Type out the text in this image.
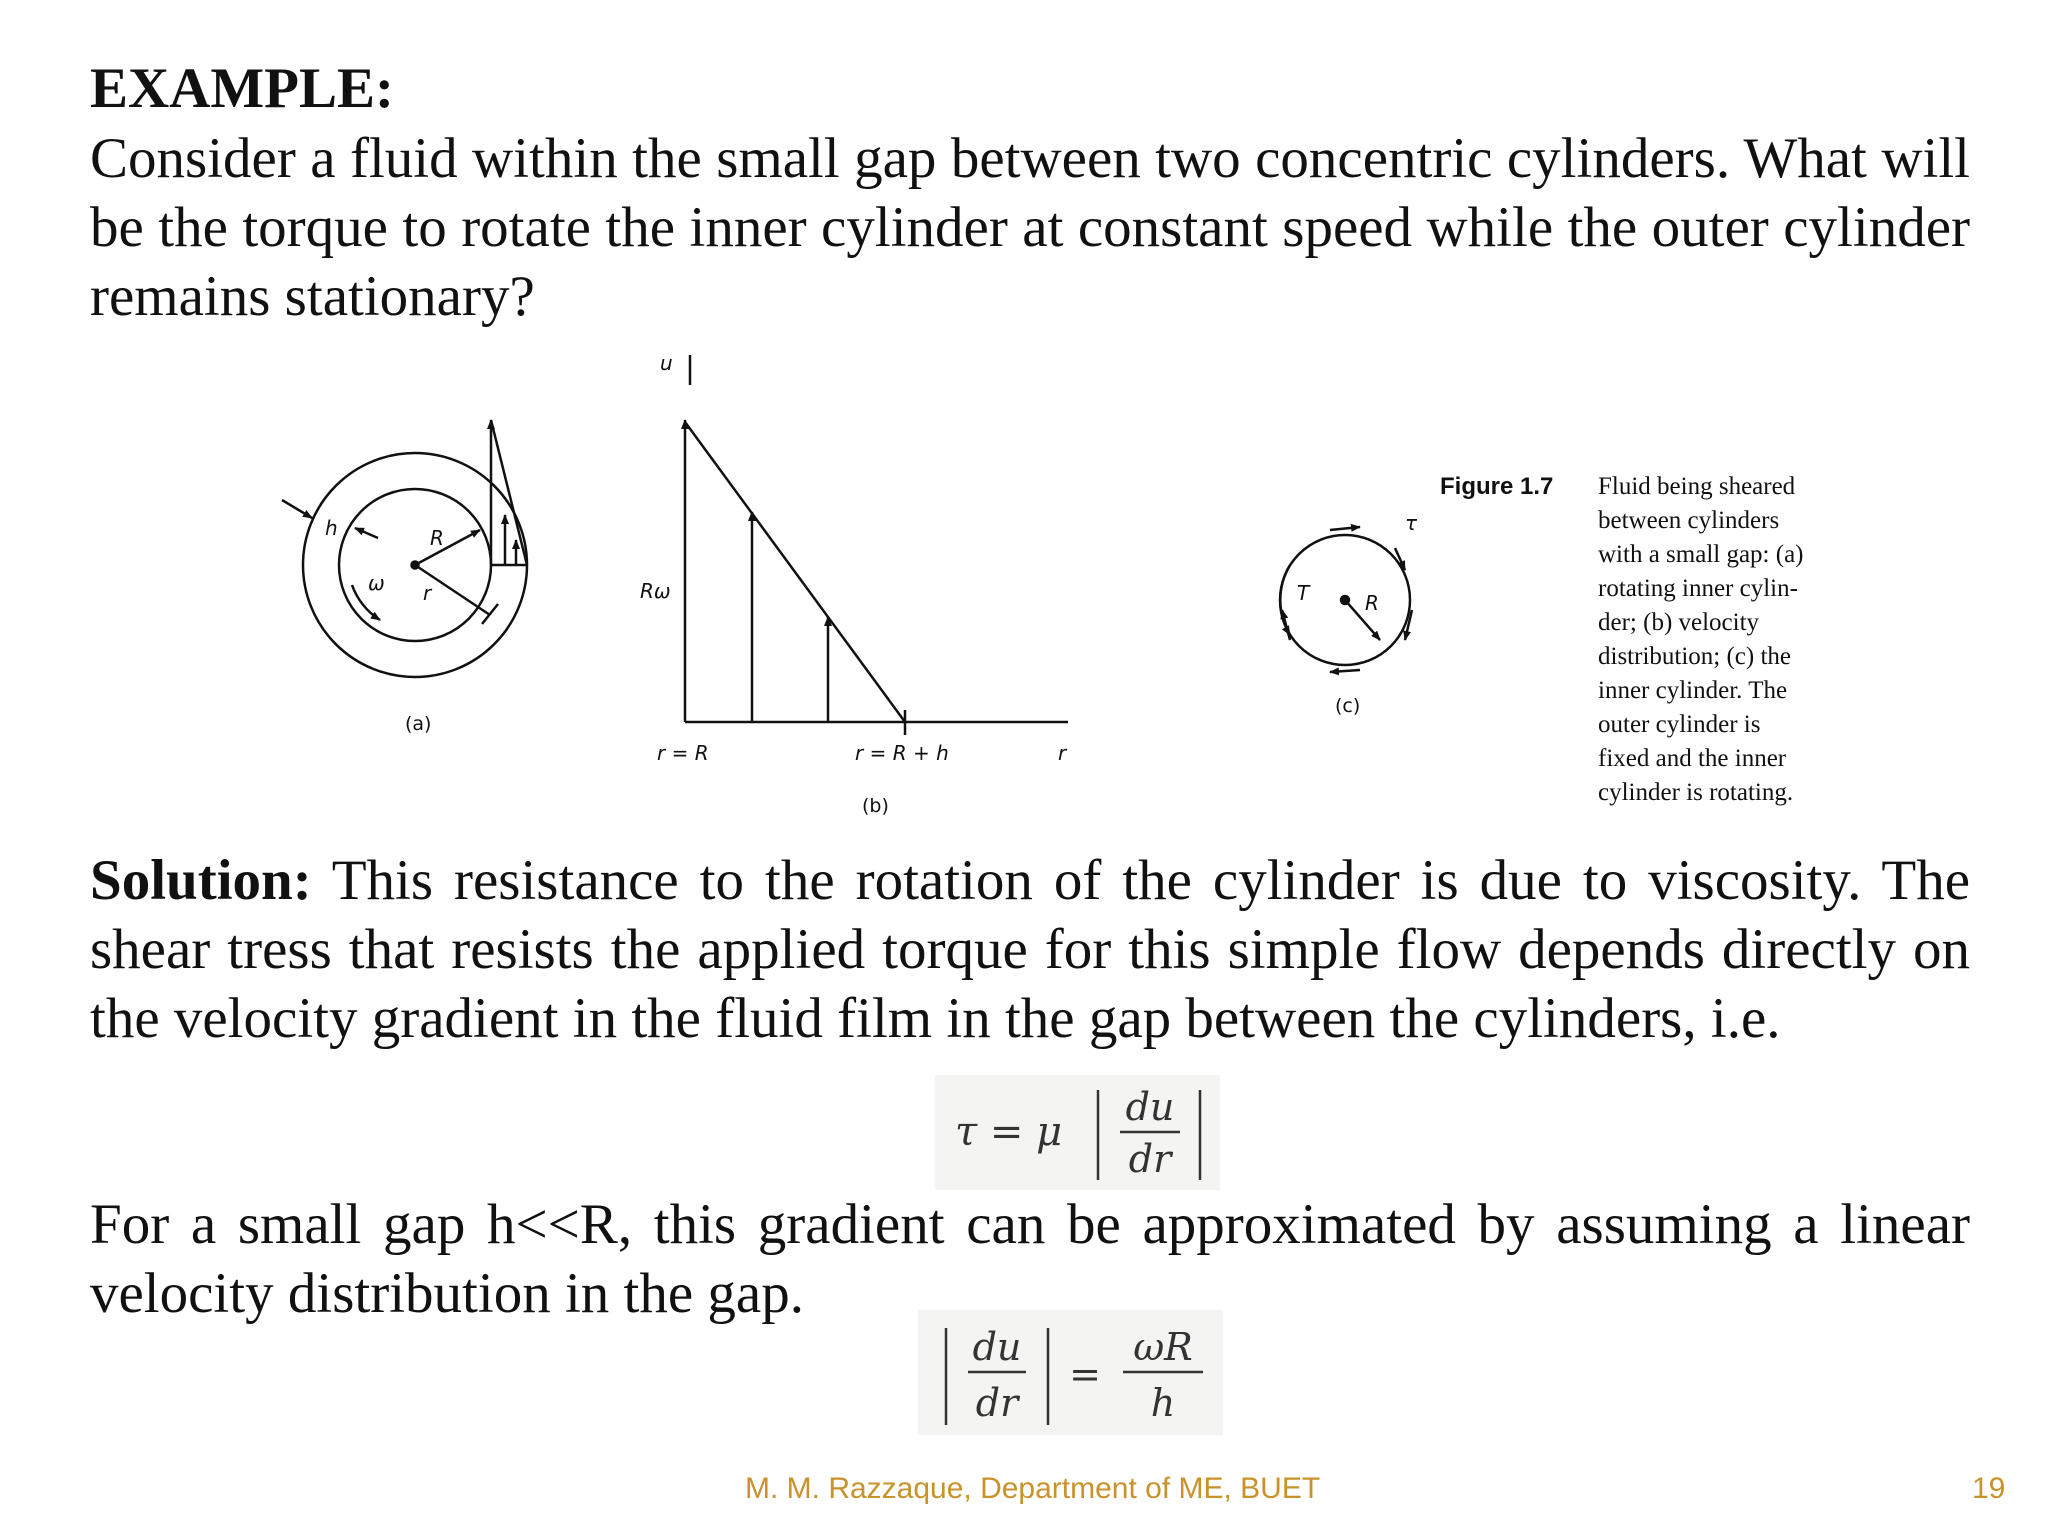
EXAMPLE:
Consider a fluid within the small gap between two concentric cylinders. What will be the torque to rotate the inner cylinder at constant speed while the outer cylinder remains stationary?
h	R
ω r
(a)
u
Rω
r = R	r = R + h	r
(b)
T	R
τ
(c)
Figure 1.7 Fluid being sheared
between cylinders
with a small gap: (a)
rotating inner cylin-
der; (b) velocity
distribution; (c) the
inner cylinder. The
outer cylinder is
fixed and the inner
cylinder is rotating.
Solution: This resistance to the rotation of the cylinder is due to viscosity. The shear tress that resists the applied torque for this simple flow depends directly on the velocity gradient in the fluid film in the gap between the cylinders, i.e.
τ = μ
du
dr
For a small gap h<<R, this gradient can be approximated by assuming a linear velocity distribution in the gap.
du
dr
=
ωR
h
M. M. Razzaque, Department of ME, BUET	19
